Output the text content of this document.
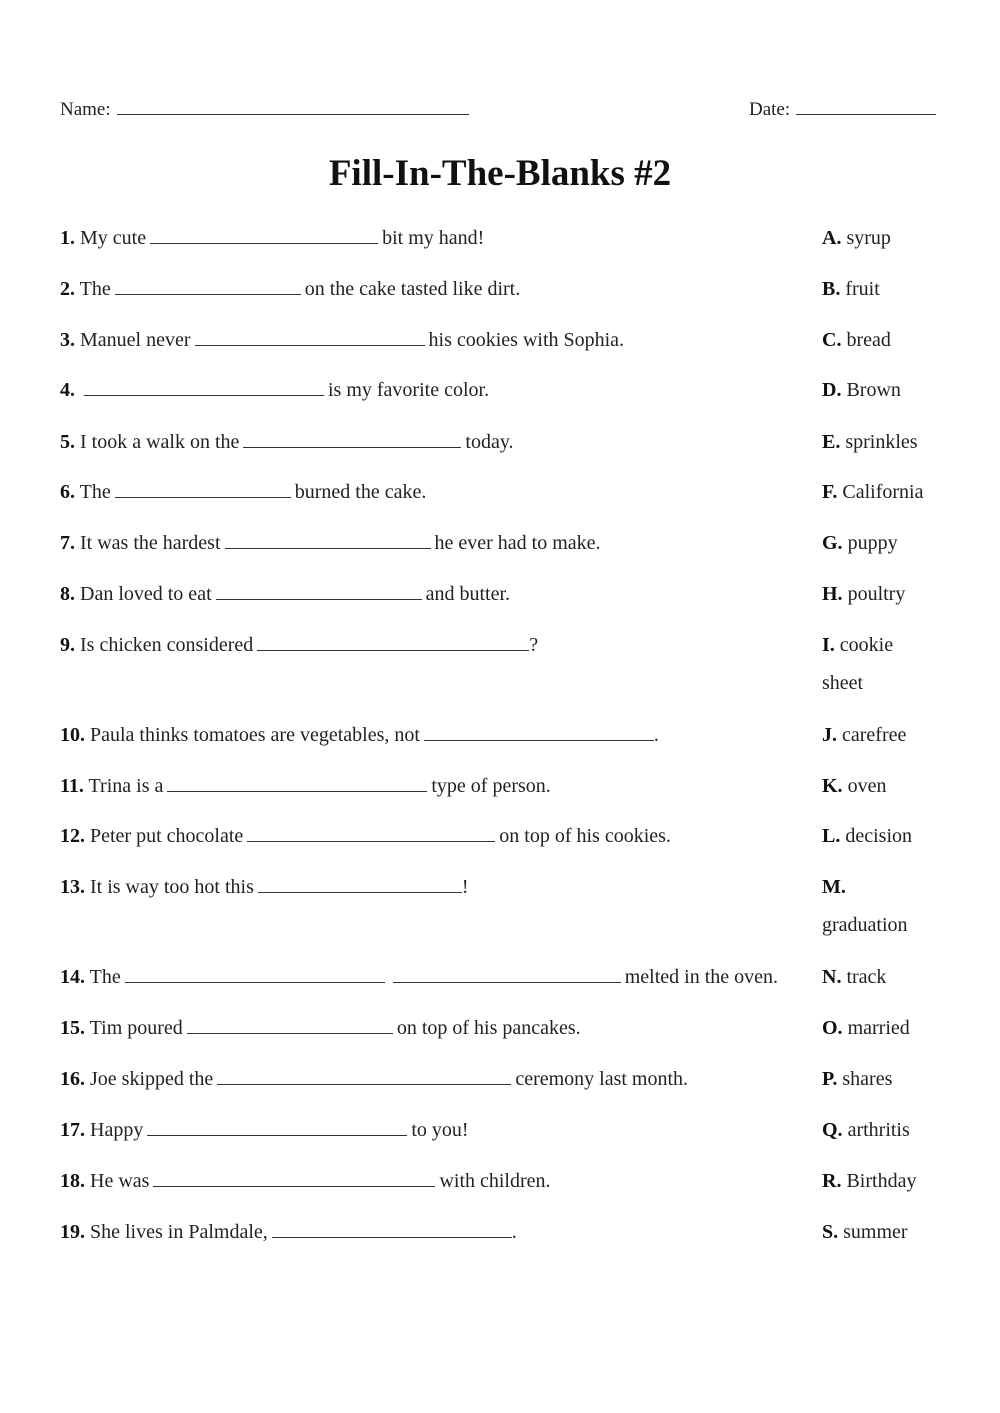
Name:	Date:
Fill-In-The-Blanks #2
1. My cute	bit my hand!
2. The	on the cake tasted like dirt.
3. Manuel never	his cookies with Sophia.
4.	is my favorite color.
5. I took a walk on the	today.
6. The	burned the cake.
7. It was the hardest	he ever had to make.
8. Dan loved to eat	and butter.
9. Is chicken considered	?
10. Paula thinks tomatoes are vegetables, not	.
11. Trina is a	type of person.
12. Peter put chocolate	on top of his cookies.
13. It is way too hot this	!
14. The	melted in the oven.
15. Tim poured	on top of his pancakes.
16. Joe skipped the	ceremony last month.
17. Happy	to you!
18. He was	with children.
19. She lives in Palmdale,	.
A. syrup
B. fruit
C. bread
D. Brown
E. sprinkles
F. California
G. puppy
H. poultry
I. cookie sheet
J. carefree
K. oven
L. decision
M. graduation
N. track
O. married
P. shares
Q. arthritis
R. Birthday
S. summer
